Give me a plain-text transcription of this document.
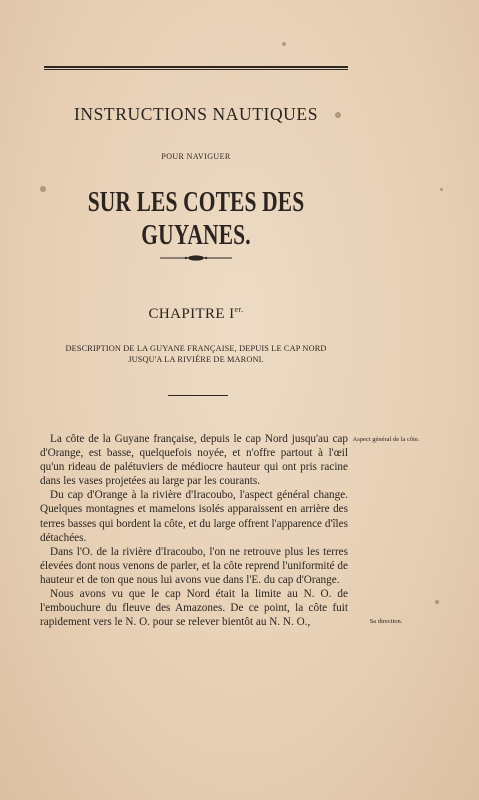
INSTRUCTIONS NAUTIQUES
POUR NAVIGUER
SUR LES COTES DES GUYANES.
CHAPITRE $I^{er.}$
DESCRIPTION DE LA GUYANE FRANÇAISE, DEPUIS LE CAP NORD
JUSQU'A LA RIVIÈRE DE MARONI.

La côte de la Guyane française, depuis le cap Nord jusqu'au cap d'Orange, est basse, quelquefois noyée, et n'offre partout à l'œil qu'un rideau de palétuviers de médiocre hauteur qui ont pris racine dans les vases projetées au large par les courants.

Du cap d'Orange à la rivière d'Iracoubo, l'aspect général change. Quelques montagnes et mamelons isolés apparaissent en arrière des terres basses qui bordent la côte, et du large offrent l'apparence d'îles détachées.

Dans l'O. de la rivière d'Iracoubo, l'on ne retrouve plus les terres élevées dont nous venons de parler, et la côte reprend l'uniformité de hauteur et de ton que nous lui avons vue dans l'E. du cap d'Orange.

Nous avons vu que le cap Nord était la limite au N. O. de l'embouchure du fleuve des Amazones. De ce point, la côte fuit rapidement vers le N. O. pour se relever bientôt au N. N. O.,

Aspect général de la côte.
Sa direction.
